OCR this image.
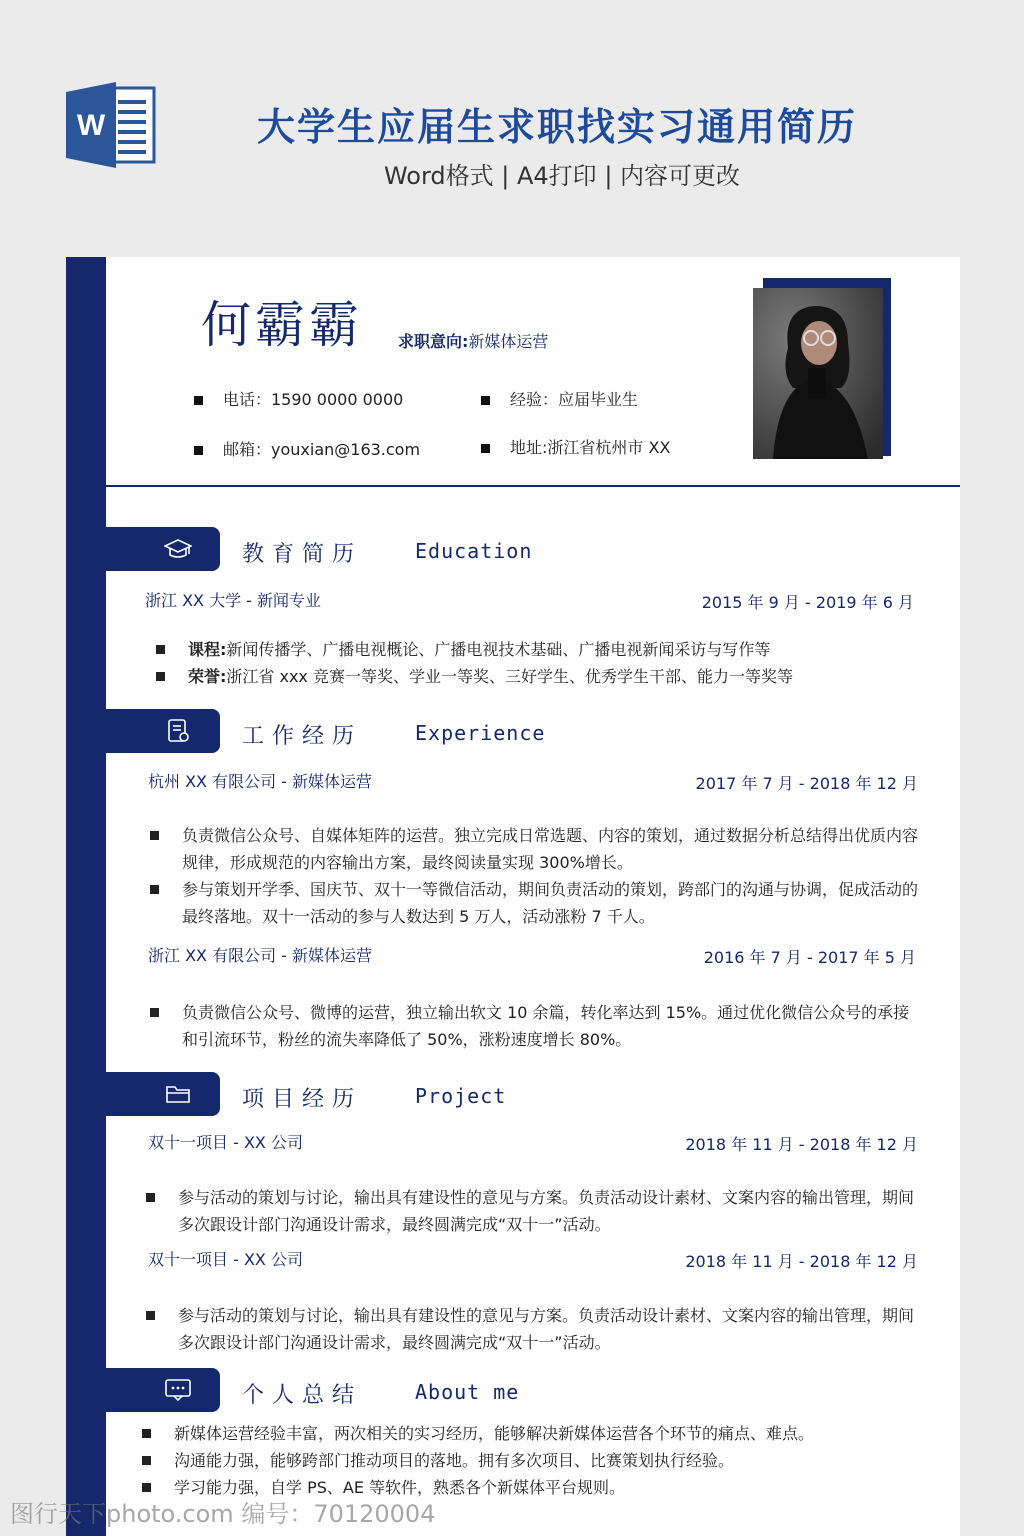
W	大学生应届生求职找实习通用简历
Word格式 | A4打印 | 内容可更改
何霸霸 求职意向:新媒体运营
电话：1590 0000 0000	经验：应届毕业生
邮箱：youxian@163.com	地址:浙江省杭州市 XX
教育简历	Education
浙江 XX 大学 - 新闻专业	2015 年 9 月 - 2019 年 6 月
课程:新闻传播学、广播电视概论、广播电视技术基础、广播电视新闻采访与写作等
荣誉:浙江省 xxx 竞赛一等奖、学业一等奖、三好学生、优秀学生干部、能力一等奖等
工作经历	Experience
杭州 XX 有限公司 - 新媒体运营	2017 年 7 月 - 2018 年 12 月
负责微信公众号、自媒体矩阵的运营。独立完成日常选题、内容的策划，通过数据分析总结得出优质内容规律，形成规范的内容输出方案，最终阅读量实现 300%增长。
参与策划开学季、国庆节、双十一等微信活动，期间负责活动的策划，跨部门的沟通与协调，促成活动的最终落地。双十一活动的参与人数达到 5 万人，活动涨粉 7 千人。
浙江 XX 有限公司 - 新媒体运营	2016 年 7 月 - 2017 年 5 月
负责微信公众号、微博的运营，独立输出软文 10 余篇，转化率达到 15%。通过优化微信公众号的承接和引流环节，粉丝的流失率降低了 50%，涨粉速度增长 80%。
项目经历	Project
双十一项目 - XX 公司	2018 年 11 月 - 2018 年 12 月
参与活动的策划与讨论，输出具有建设性的意见与方案。负责活动设计素材、文案内容的输出管理，期间多次跟设计部门沟通设计需求，最终圆满完成“双十一”活动。
双十一项目 - XX 公司	2018 年 11 月 - 2018 年 12 月
参与活动的策划与讨论，输出具有建设性的意见与方案。负责活动设计素材、文案内容的输出管理，期间多次跟设计部门沟通设计需求，最终圆满完成“双十一”活动。
个人总结	About me
新媒体运营经验丰富，两次相关的实习经历，能够解决新媒体运营各个环节的痛点、难点。
沟通能力强，能够跨部门推动项目的落地。拥有多次项目、比赛策划执行经验。
学习能力强，自学 PS、AE 等软件，熟悉各个新媒体平台规则。
图行天下photo.com 编号：70120004
